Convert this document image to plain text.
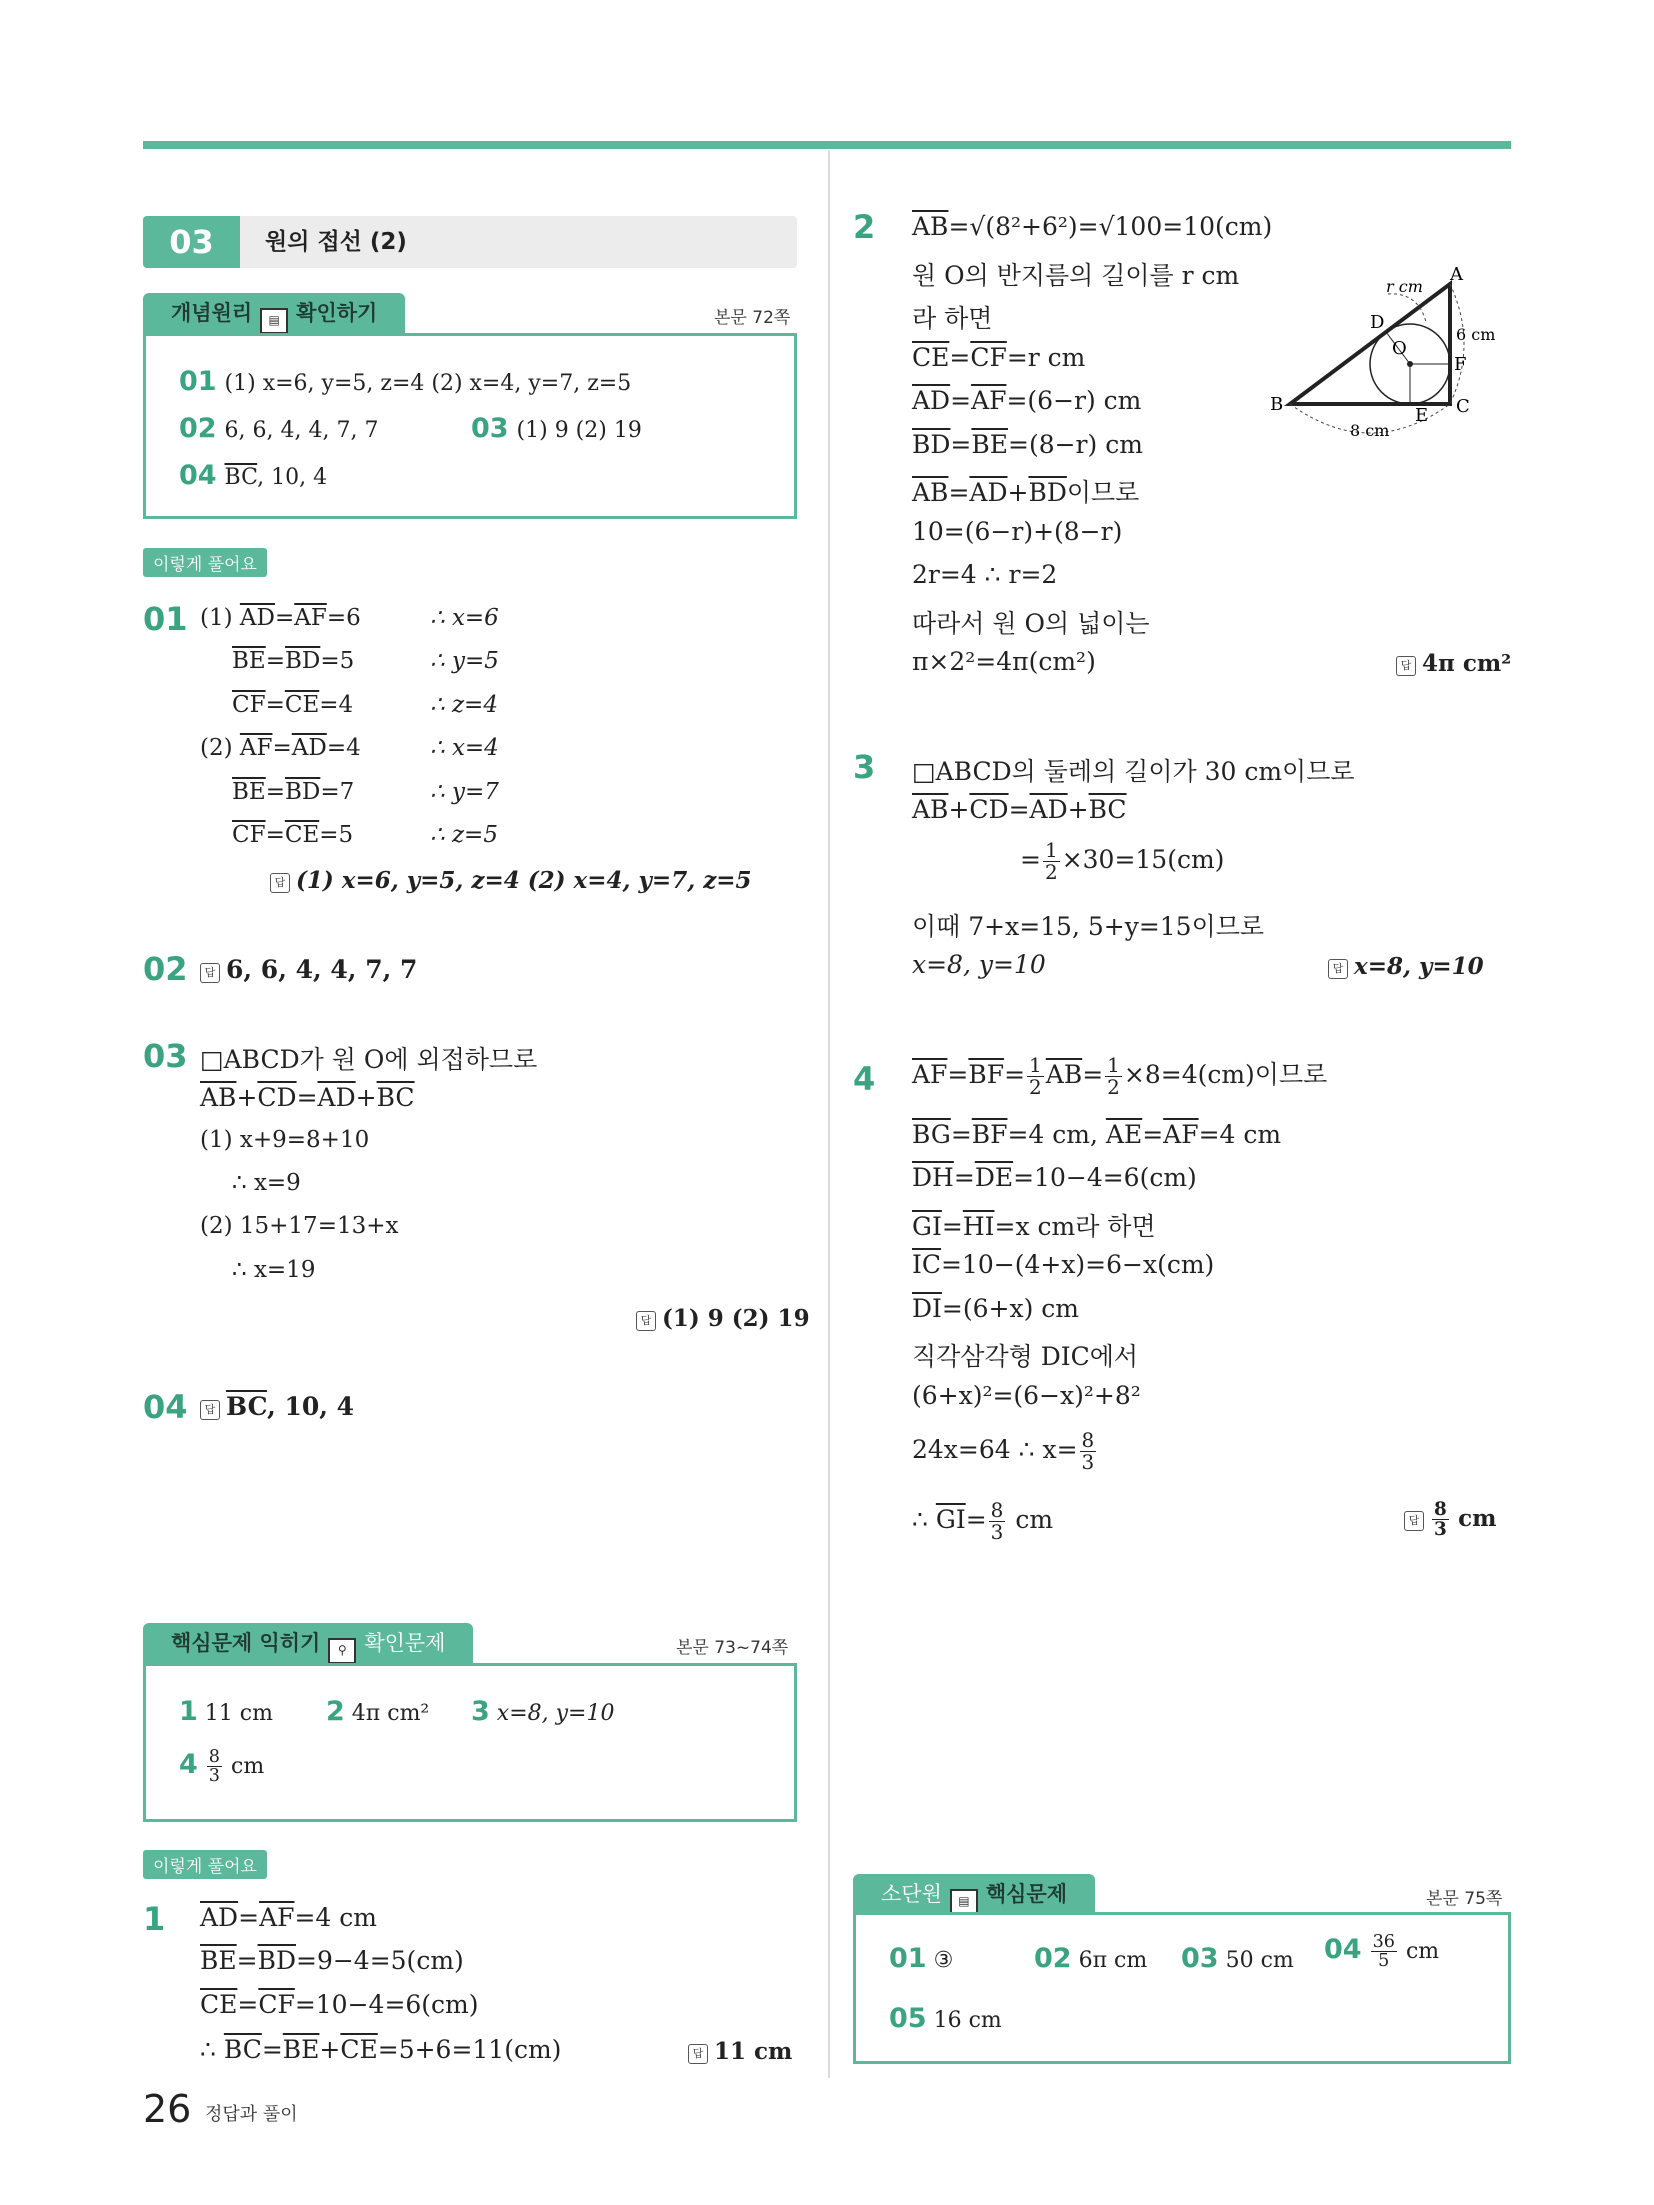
03	원의 접선 (2)
개념원리 ▤ 확인하기	본문 72쪽
01 (1) x=6, y=5, z=4 (2) x=4, y=7, z=5
02 6, 6, 4, 4, 7, 7	03 (1) 9 (2) 19
04 $\overline{BC}$, 10, 4
이렇게 풀어요
01 (1) $\overline{AD}=\overline{AF}=6$	∴ x=6
$\overline{BE}=\overline{BD}=5$	∴ y=5
$\overline{CF}=\overline{CE}=4$	∴ z=4
(2) $\overline{AF}=\overline{AD}=4$	∴ x=4
$\overline{BE}=\overline{BD}=7$	∴ y=7
$\overline{CF}=\overline{CE}=5$	∴ z=5
답 (1) x=6, y=5, z=4 (2) x=4, y=7, z=5
02	답 6, 6, 4, 4, 7, 7
03 □ABCD가 원 O에 외접하므로
$\overline{AB}+\overline{CD}=\overline{AD}+\overline{BC}$
(1) x+9=8+10
∴ x=9
(2) 15+17=13+x
∴ x=19
답 (1) 9 (2) 19
04	답 $\overline{BC}$, 10, 4
핵심문제 익히기 ⚲ 확인문제	본문 73~74쪽
1 11 cm 2 4π cm² 3 x=8, y=10
$4 \frac{8}{3}$ cm
이렇게 풀어요
1 $\overline{AD}=\overline{AF}=4$ cm
$\overline{BE}=\overline{BD}=9-4=5(cm)$
$\overline{CE}=\overline{CF}=10-4=6(cm)$
∴ $\overline{BC}=\overline{BE}+\overline{CE}=5+6=11(cm)$	답 11 cm
2 $\overline{AB}=√(8^2+6^2)=√100=10(cm)$
원 O의 반지름의 길이를 r cm
라 하면
$\overline{CE}=\overline{CF}=r$ cm
$\overline{AD}=\overline{AF}=(6-r)$ cm
$\overline{BD}=\overline{BE}=(8-r)$ cm
$\overline{AB}=\overline{AD}+\overline{BD}$이므로
10=(6−r)+(8−r)
2r=4 ∴ r=2
따라서 원 O의 넓이는
π×2²=4π(cm²)	답 4π cm²
A
B	C
D
E
F
O
r cm
6 cm
8 cm
3 □ABCD의 둘레의 길이가 30 cm이므로
$\overline{AB}+\overline{CD}=\overline{AD}+\overline{BC}$
= $\frac{1}{2} \times 30=15(cm)$
이때 7+x=15, 5+y=15이므로
x=8, y=10	답 x=8, y=10
4 $\overline{AF}=\overline{BF}= \frac{1}{2} \overline{AB}= \frac{1}{2} \times 8=4(cm)$이므로
$\overline{BG}=\overline{BF}=4$ cm, $\overline{AE}=\overline{AF}=4$ cm
$\overline{DH}=\overline{DE}=10-4=6(cm)$
$\overline{GI}=\overline{HI}=x$ cm라 하면
$\overline{IC}=10-(4+x)=6-x(cm)$
$\overline{DI}=(6+x)$ cm
직각삼각형 DIC에서
(6+x)²=(6−x)²+8²
24x=64 ∴ $x= \frac{8}{3}$
∴ $\overline{GI}= \frac{8}{3}$ cm	답 $\frac{8}{3}$ cm
소단원 ▤ 핵심문제	본문 75쪽
01 ③	02 6π cm 03 50 cm $04 \frac{36}{5}$ cm
05 16 cm
26 정답과 풀이
